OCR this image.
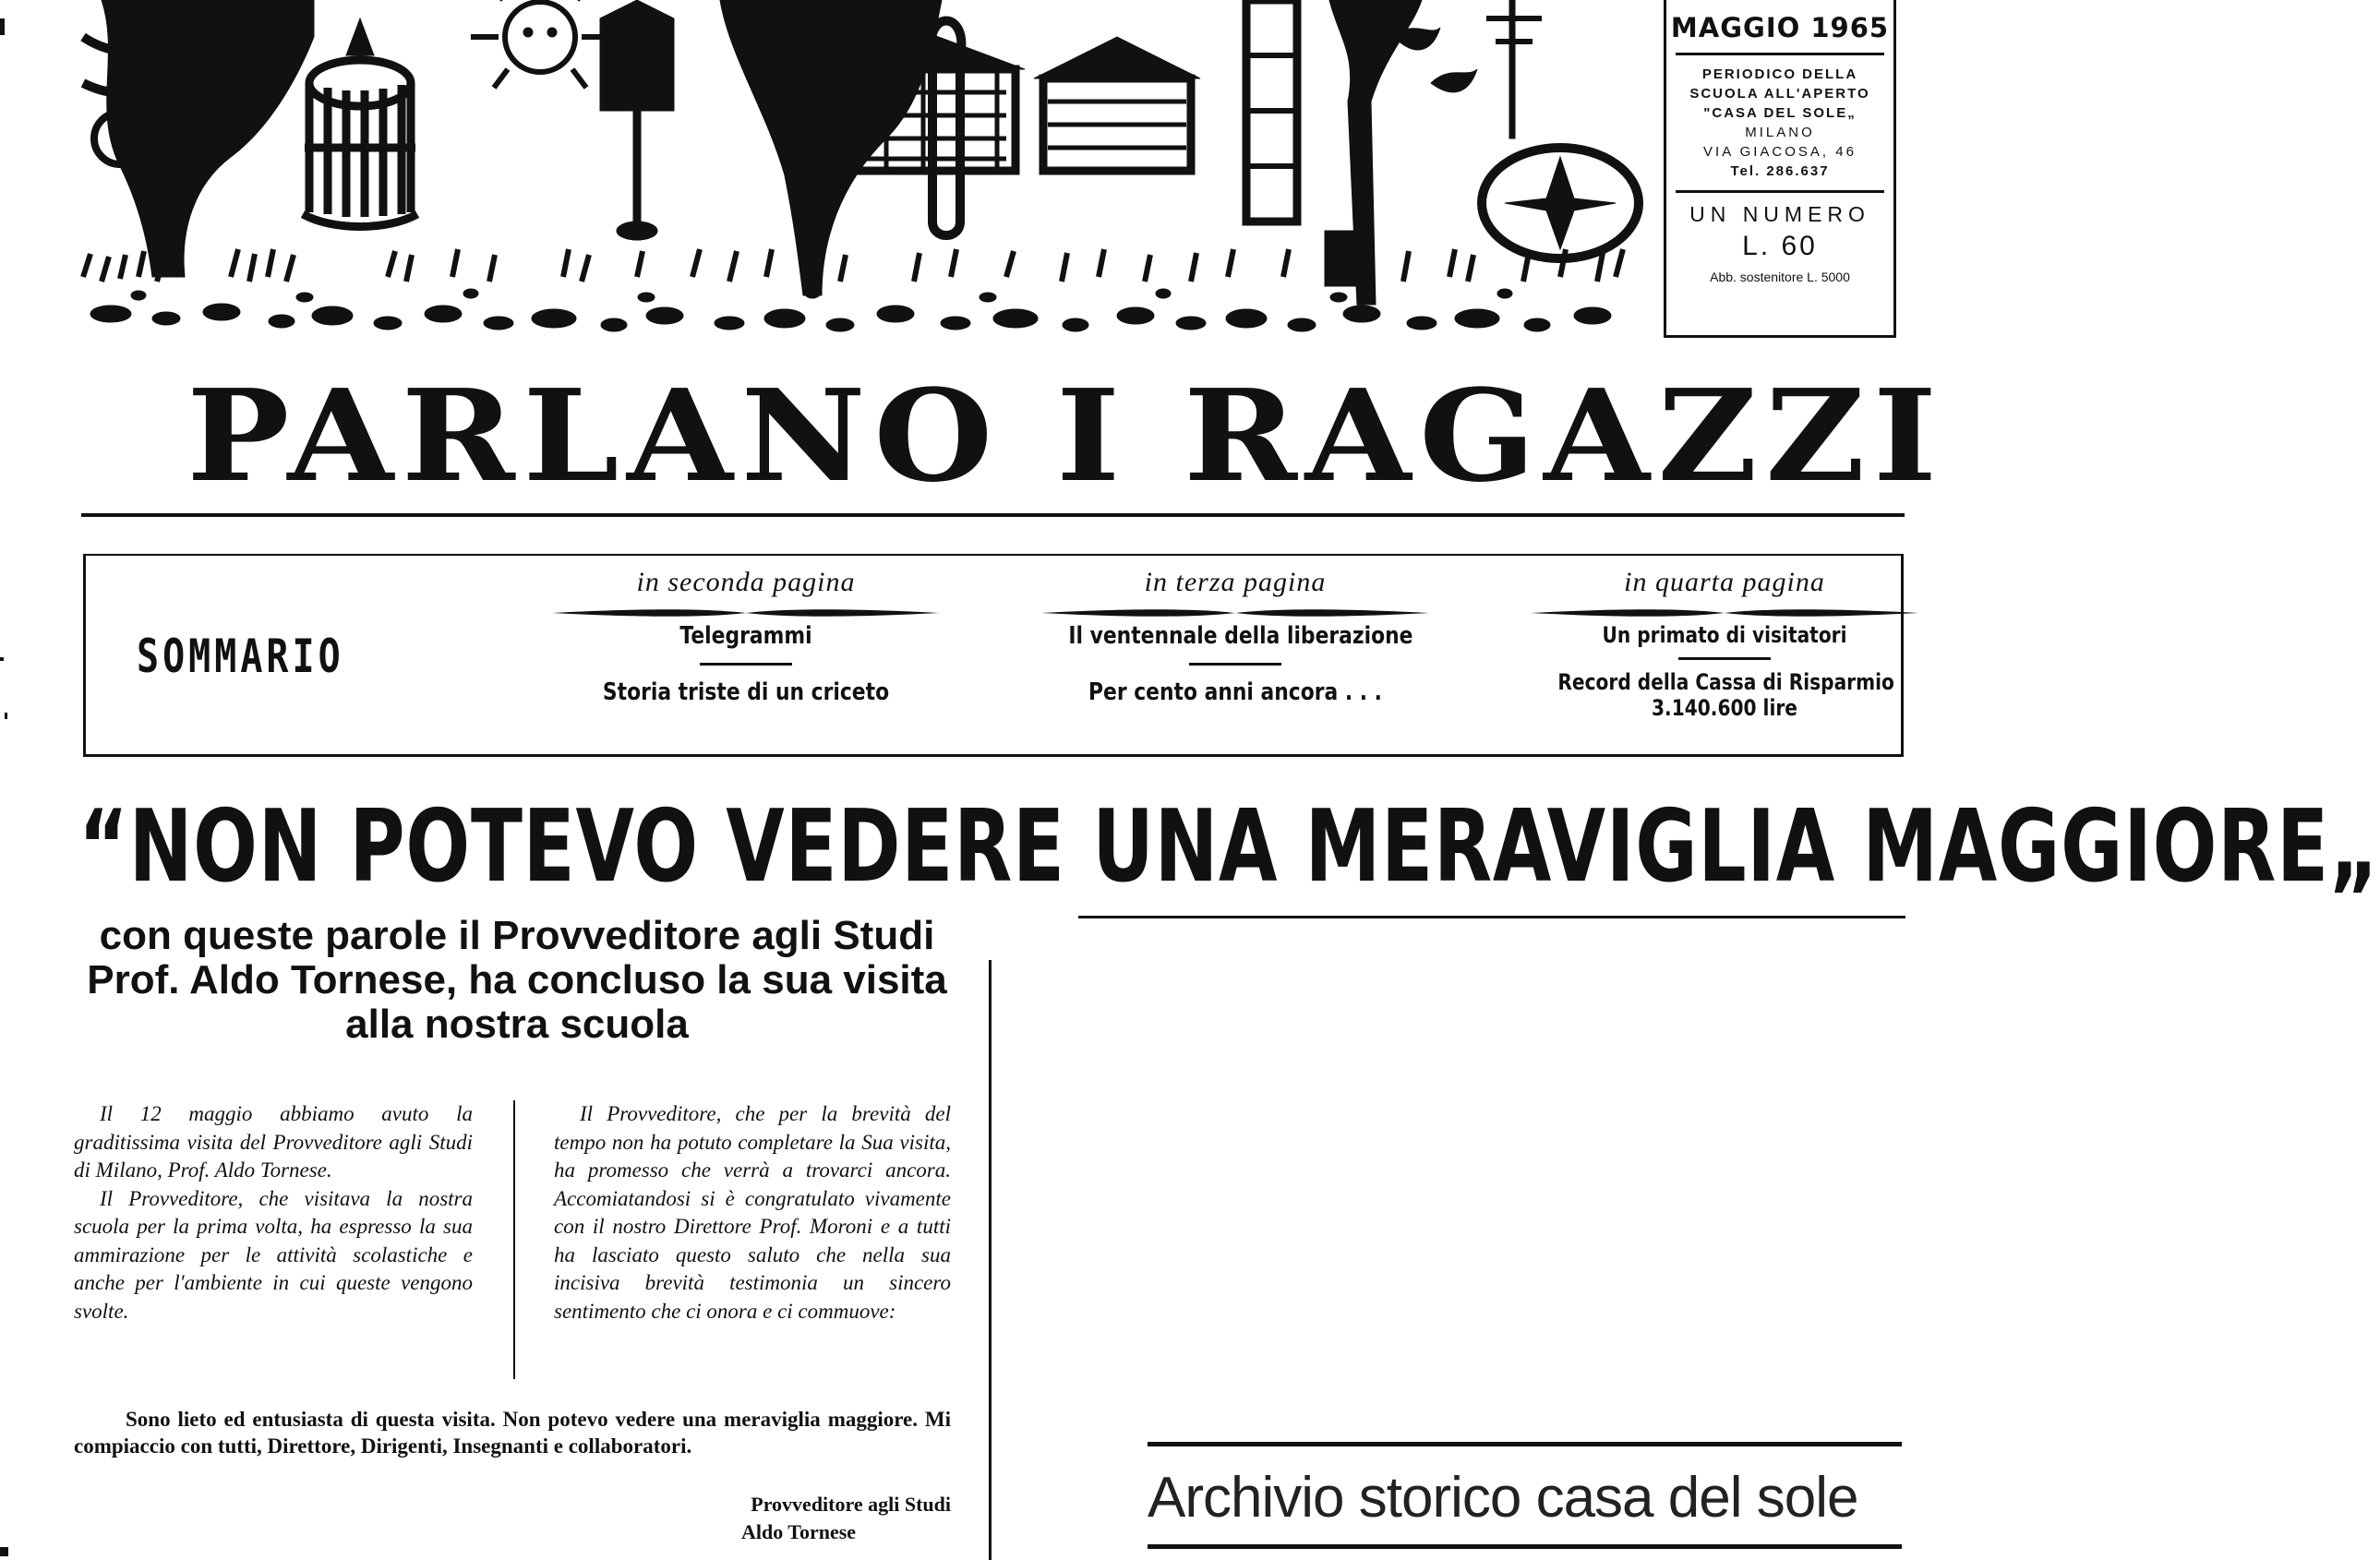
MAGGIO 1965
PERIODICO DELLA
SCUOLA ALL'APERTO
"CASA DEL SOLE„
MILANO
VIA GIACOSA, 46
Tel. 286.637
UN NUMERO
L. 60
Abb. sostenitore L. 5000
PARLANO I RAGAZZI
SOMMARIO
in seconda pagina
Telegrammi
Storia triste di un criceto
in terza pagina
Il ventennale della liberazione
Per cento anni ancora . . .
in quarta pagina
Un primato di visitatori
Record della Cassa di Risparmio
3.140.600 lire
“NON POTEVO VEDERE UNA MERAVIGLIA MAGGIORE„
con queste parole il Provveditore agli Studi Prof. Aldo Tornese, ha concluso la sua visita alla nostra scuola

Il 12 maggio abbiamo avuto la graditissima visita del Provveditore agli Studi di Milano, Prof. Aldo Tornese.

Il Provveditore, che visitava la nostra scuola per la prima volta, ha espresso la sua ammirazione per le attività scolastiche e anche per l'ambiente in cui queste vengono svolte.

Il Provveditore, che per la brevità del tempo non ha potuto completare la Sua visita, ha promesso che verrà a trovarci ancora. Accomiatandosi si è congratulato vivamente con il nostro Direttore Prof. Moroni e a tutti ha lasciato questo saluto che nella sua incisiva brevità testimonia un sincero sentimento che ci onora e ci commuove:

Sono lieto ed entusiasta di questa visita. Non potevo vedere una meraviglia maggiore. Mi compiaccio con tutti, Direttore, Dirigenti, Insegnanti e collaboratori.

Provveditore agli Studi
Aldo Tornese
Archivio storico casa del sole
